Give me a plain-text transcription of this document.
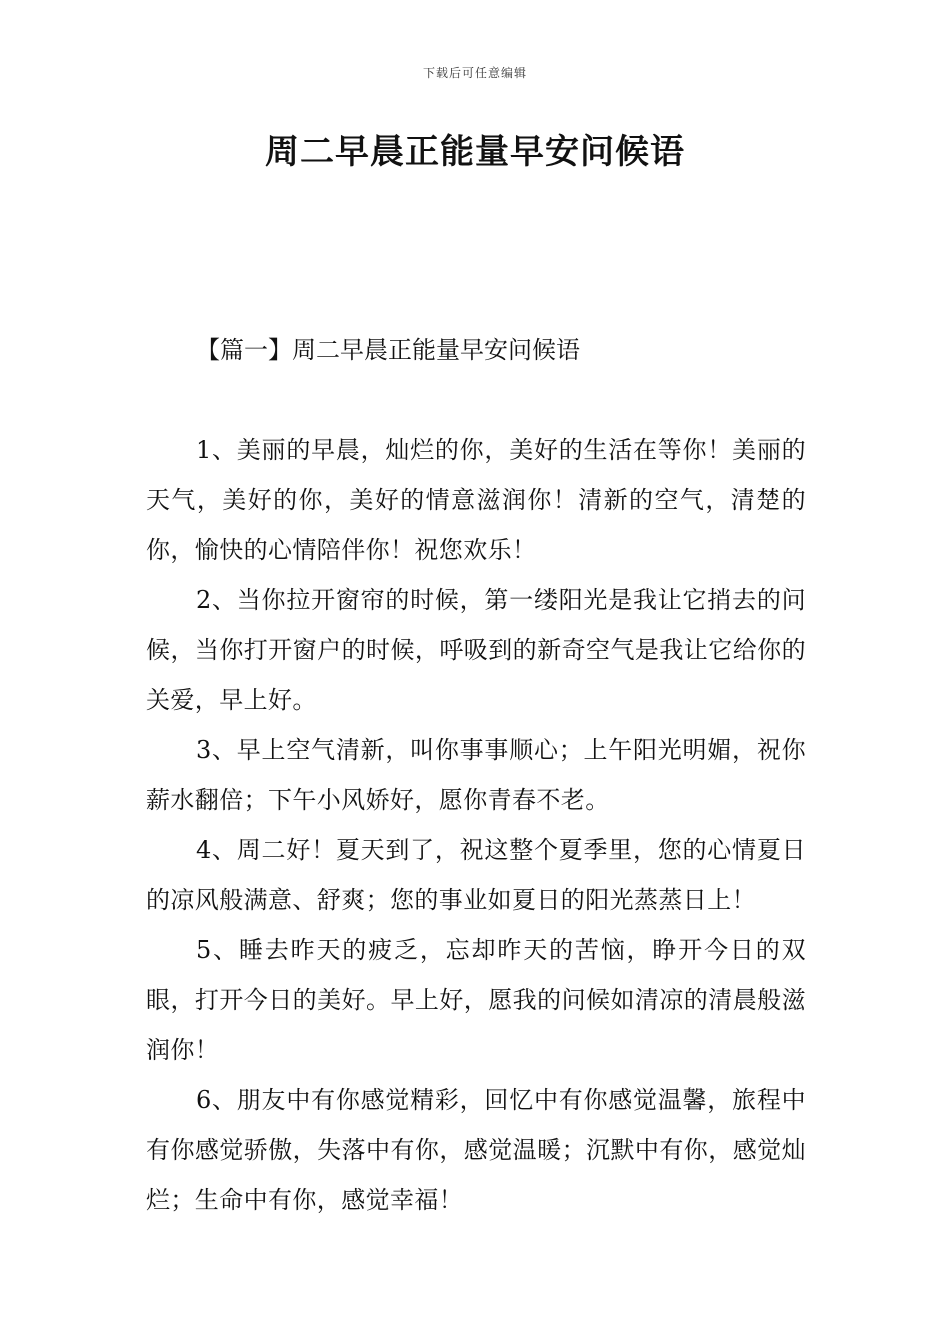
下载后可任意编辑
周二早晨正能量早安问候语
【篇一】周二早晨正能量早安问候语
1、美丽的早晨，灿烂的你，美好的生活在等你！美丽的天气，美好的你，美好的情意滋润你！清新的空气，清楚的你，愉快的心情陪伴你！祝您欢乐！
2、当你拉开窗帘的时候，第一缕阳光是我让它捎去的问候，当你打开窗户的时候，呼吸到的新奇空气是我让它给你的关爱，早上好。
3、早上空气清新，叫你事事顺心；上午阳光明媚，祝你薪水翻倍；下午小风娇好，愿你青春不老。
4、周二好！夏天到了，祝这整个夏季里，您的心情夏日的凉风般满意、舒爽；您的事业如夏日的阳光蒸蒸日上！
5、睡去昨天的疲乏，忘却昨天的苦恼，睁开今日的双眼，打开今日的美好。早上好，愿我的问候如清凉的清晨般滋润你！
6、朋友中有你感觉精彩，回忆中有你感觉温馨，旅程中有你感觉骄傲，失落中有你，感觉温暖；沉默中有你，感觉灿烂；生命中有你，感觉幸福！
